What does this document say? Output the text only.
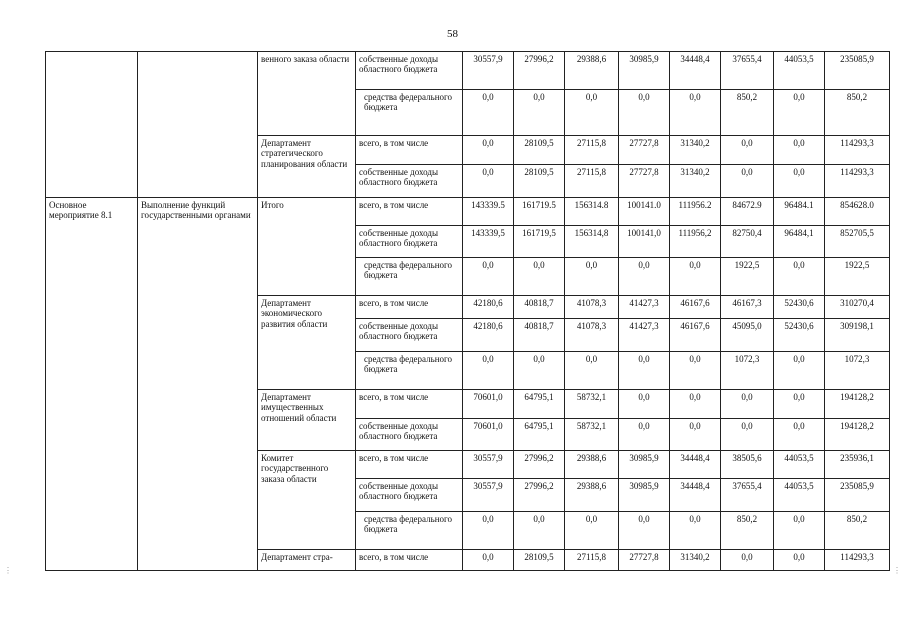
58
⋮	⋮
		венного заказа области	собственные доходы областного бюджета	30557,9	27996,2	29388,6	30985,9	34448,4	37655,4	44053,5	235085,9
			средства федерального бюджета	0,0	0,0	0,0	0,0	0,0	850,2	0,0	850,2
		Департамент стратегического планирования области	всего, в том числе	0,0	28109,5	27115,8	27727,8	31340,2	0,0	0,0	114293,3
			собственные доходы областного бюджета	0,0	28109,5	27115,8	27727,8	31340,2	0,0	0,0	114293,3
Основное мероприятие 8.1	Выполнение функций государственными органами	Итого	всего, в том числе	143339.5	161719.5	156314.8	100141.0	111956.2	84672.9	96484.1	854628.0
			собственные доходы областного бюджета	143339,5	161719,5	156314,8	100141,0	111956,2	82750,4	96484,1	852705,5
			средства федерального бюджета	0,0	0,0	0,0	0,0	0,0	1922,5	0,0	1922,5
		Департамент экономического развития области	всего, в том числе	42180,6	40818,7	41078,3	41427,3	46167,6	46167,3	52430,6	310270,4
			собственные доходы областного бюджета	42180,6	40818,7	41078,3	41427,3	46167,6	45095,0	52430,6	309198,1
			средства федерального бюджета	0,0	0,0	0,0	0,0	0,0	1072,3	0,0	1072,3
		Департамент имущественных отношений области	всего, в том числе	70601,0	64795,1	58732,1	0,0	0,0	0,0	0,0	194128,2
			собственные доходы областного бюджета	70601,0	64795,1	58732,1	0,0	0,0	0,0	0,0	194128,2
		Комитет государственного заказа области	всего, в том числе	30557,9	27996,2	29388,6	30985,9	34448,4	38505,6	44053,5	235936,1
			собственные доходы областного бюджета	30557,9	27996,2	29388,6	30985,9	34448,4	37655,4	44053,5	235085,9
			средства федерального бюджета	0,0	0,0	0,0	0,0	0,0	850,2	0,0	850,2
		Департамент стра-	всего, в том числе	0,0	28109,5	27115,8	27727,8	31340,2	0,0	0,0	114293,3
